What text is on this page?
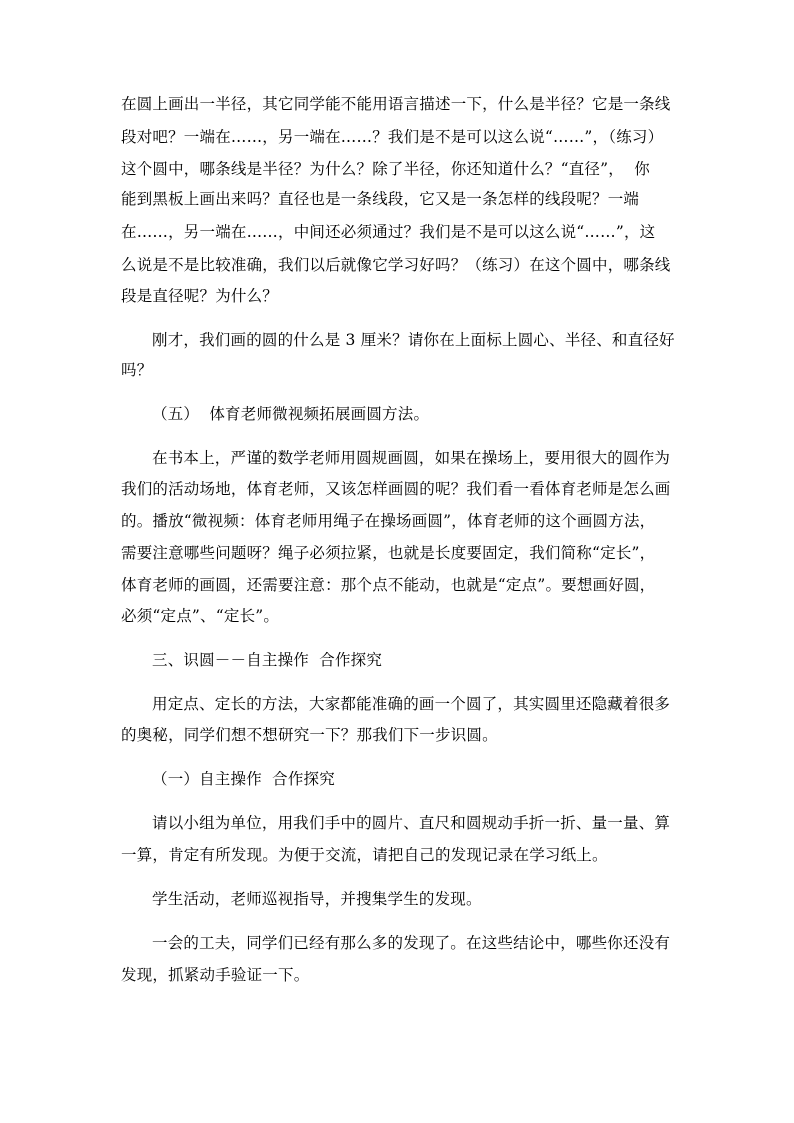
在圆上画出一半径，其它同学能不能用语言描述一下，什么是半径？它是一条线
段对吧？一端在……，另一端在……？我们是不是可以这么说“……”，（练习）
这个圆中，哪条线是半径？为什么？除了半径，你还知道什么？“直径”，  你
能到黑板上画出来吗？直径也是一条线段，它又是一条怎样的线段呢？一端
在……，另一端在……，中间还必须通过？我们是不是可以这么说“……”，这
么说是不是比较准确，我们以后就像它学习好吗？（练习）在这个圆中，哪条线
段是直径呢？为什么？
刚才，我们画的圆的什么是 3 厘米？请你在上面标上圆心、半径、和直径好
吗？
（五）  体育老师微视频拓展画圆方法。
在书本上，严谨的数学老师用圆规画圆，如果在操场上，要用很大的圆作为
我们的活动场地，体育老师，又该怎样画圆的呢？我们看一看体育老师是怎么画
的。播放“微视频：体育老师用绳子在操场画圆”，体育老师的这个画圆方法，
需要注意哪些问题呀？绳子必须拉紧，也就是长度要固定，我们简称“定长”，
体育老师的画圆，还需要注意：那个点不能动，也就是“定点”。要想画好圆，
必须“定点”、“定长”。
三、识圆－－自主操作  合作探究
用定点、定长的方法，大家都能准确的画一个圆了，其实圆里还隐藏着很多
的奥秘，同学们想不想研究一下？那我们下一步识圆。
（一）自主操作  合作探究
请以小组为单位，用我们手中的圆片、直尺和圆规动手折一折、量一量、算
一算，肯定有所发现。为便于交流，请把自己的发现记录在学习纸上。
学生活动，老师巡视指导，并搜集学生的发现。
一会的工夫，同学们已经有那么多的发现了。在这些结论中，哪些你还没有
发现，抓紧动手验证一下。
